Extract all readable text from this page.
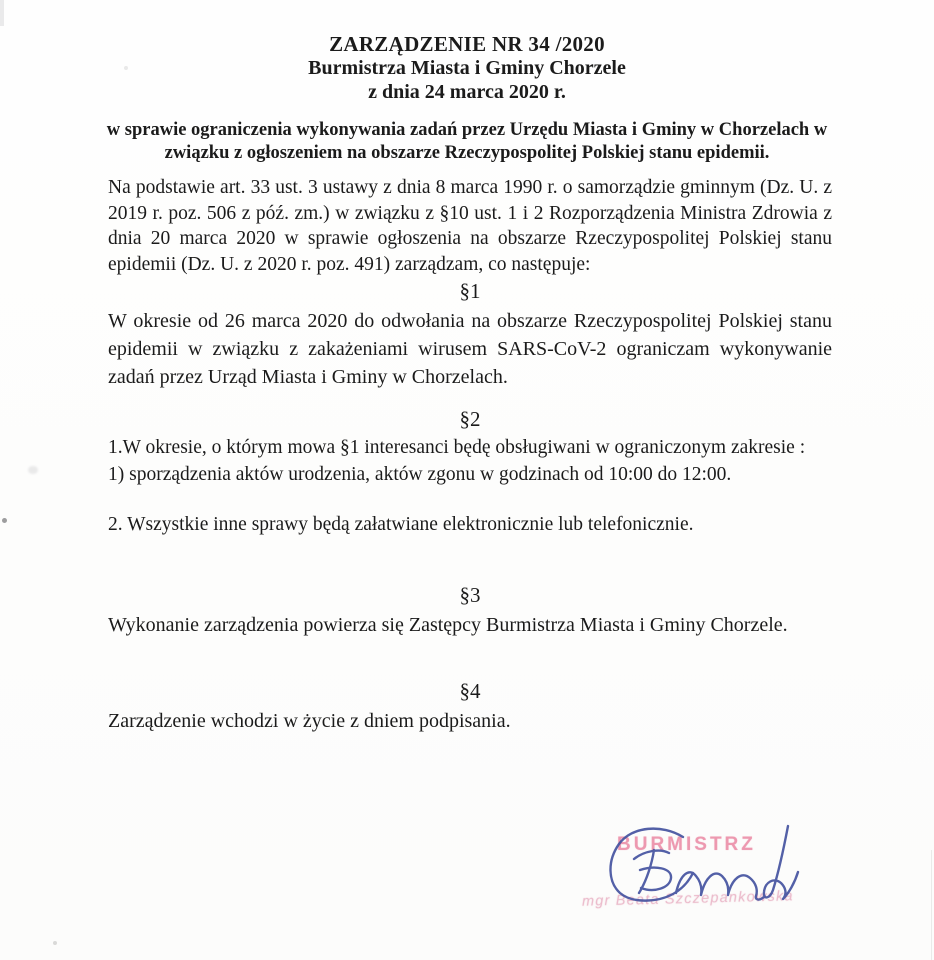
ZARZĄDZENIE NR 34 /2020
Burmistrza Miasta i Gminy Chorzele
z dnia 24 marca 2020 r.

w sprawie ograniczenia wykonywania zadań przez Urzędu Miasta i Gminy w Chorzelach w związku z ogłoszeniem na obszarze Rzeczypospolitej Polskiej stanu epidemii.

Na podstawie art. 33 ust. 3 ustawy z dnia 8 marca 1990 r. o samorządzie gminnym (Dz. U. z 2019 r. poz. 506 z póź. zm.) w związku z §10 ust. 1 i 2 Rozporządzenia Ministra Zdrowia z dnia 20 marca 2020 w sprawie ogłoszenia na obszarze Rzeczypospolitej Polskiej stanu epidemii (Dz. U. z 2020 r. poz. 491) zarządzam, co następuje:

§1

W okresie od 26 marca 2020 do odwołania na obszarze Rzeczypospolitej Polskiej stanu epidemii w związku z zakażeniami wirusem SARS-CoV-2 ograniczam wykonywanie zadań przez Urząd Miasta i Gminy w Chorzelach.

§2

1.W okresie, o którym mowa §1 interesanci będę obsługiwani w ograniczonym zakresie :

1) sporządzenia aktów urodzenia, aktów zgonu w godzinach od 10:00 do 12:00.

2. Wszystkie inne sprawy będą załatwiane elektronicznie lub telefonicznie.

§3

Wykonanie zarządzenia powierza się Zastępcy Burmistrza Miasta i Gminy Chorzele.

§4

Zarządzenie wchodzi w życie z dniem podpisania.

BURMISTRZ
mgr Beata Szczepankowska
